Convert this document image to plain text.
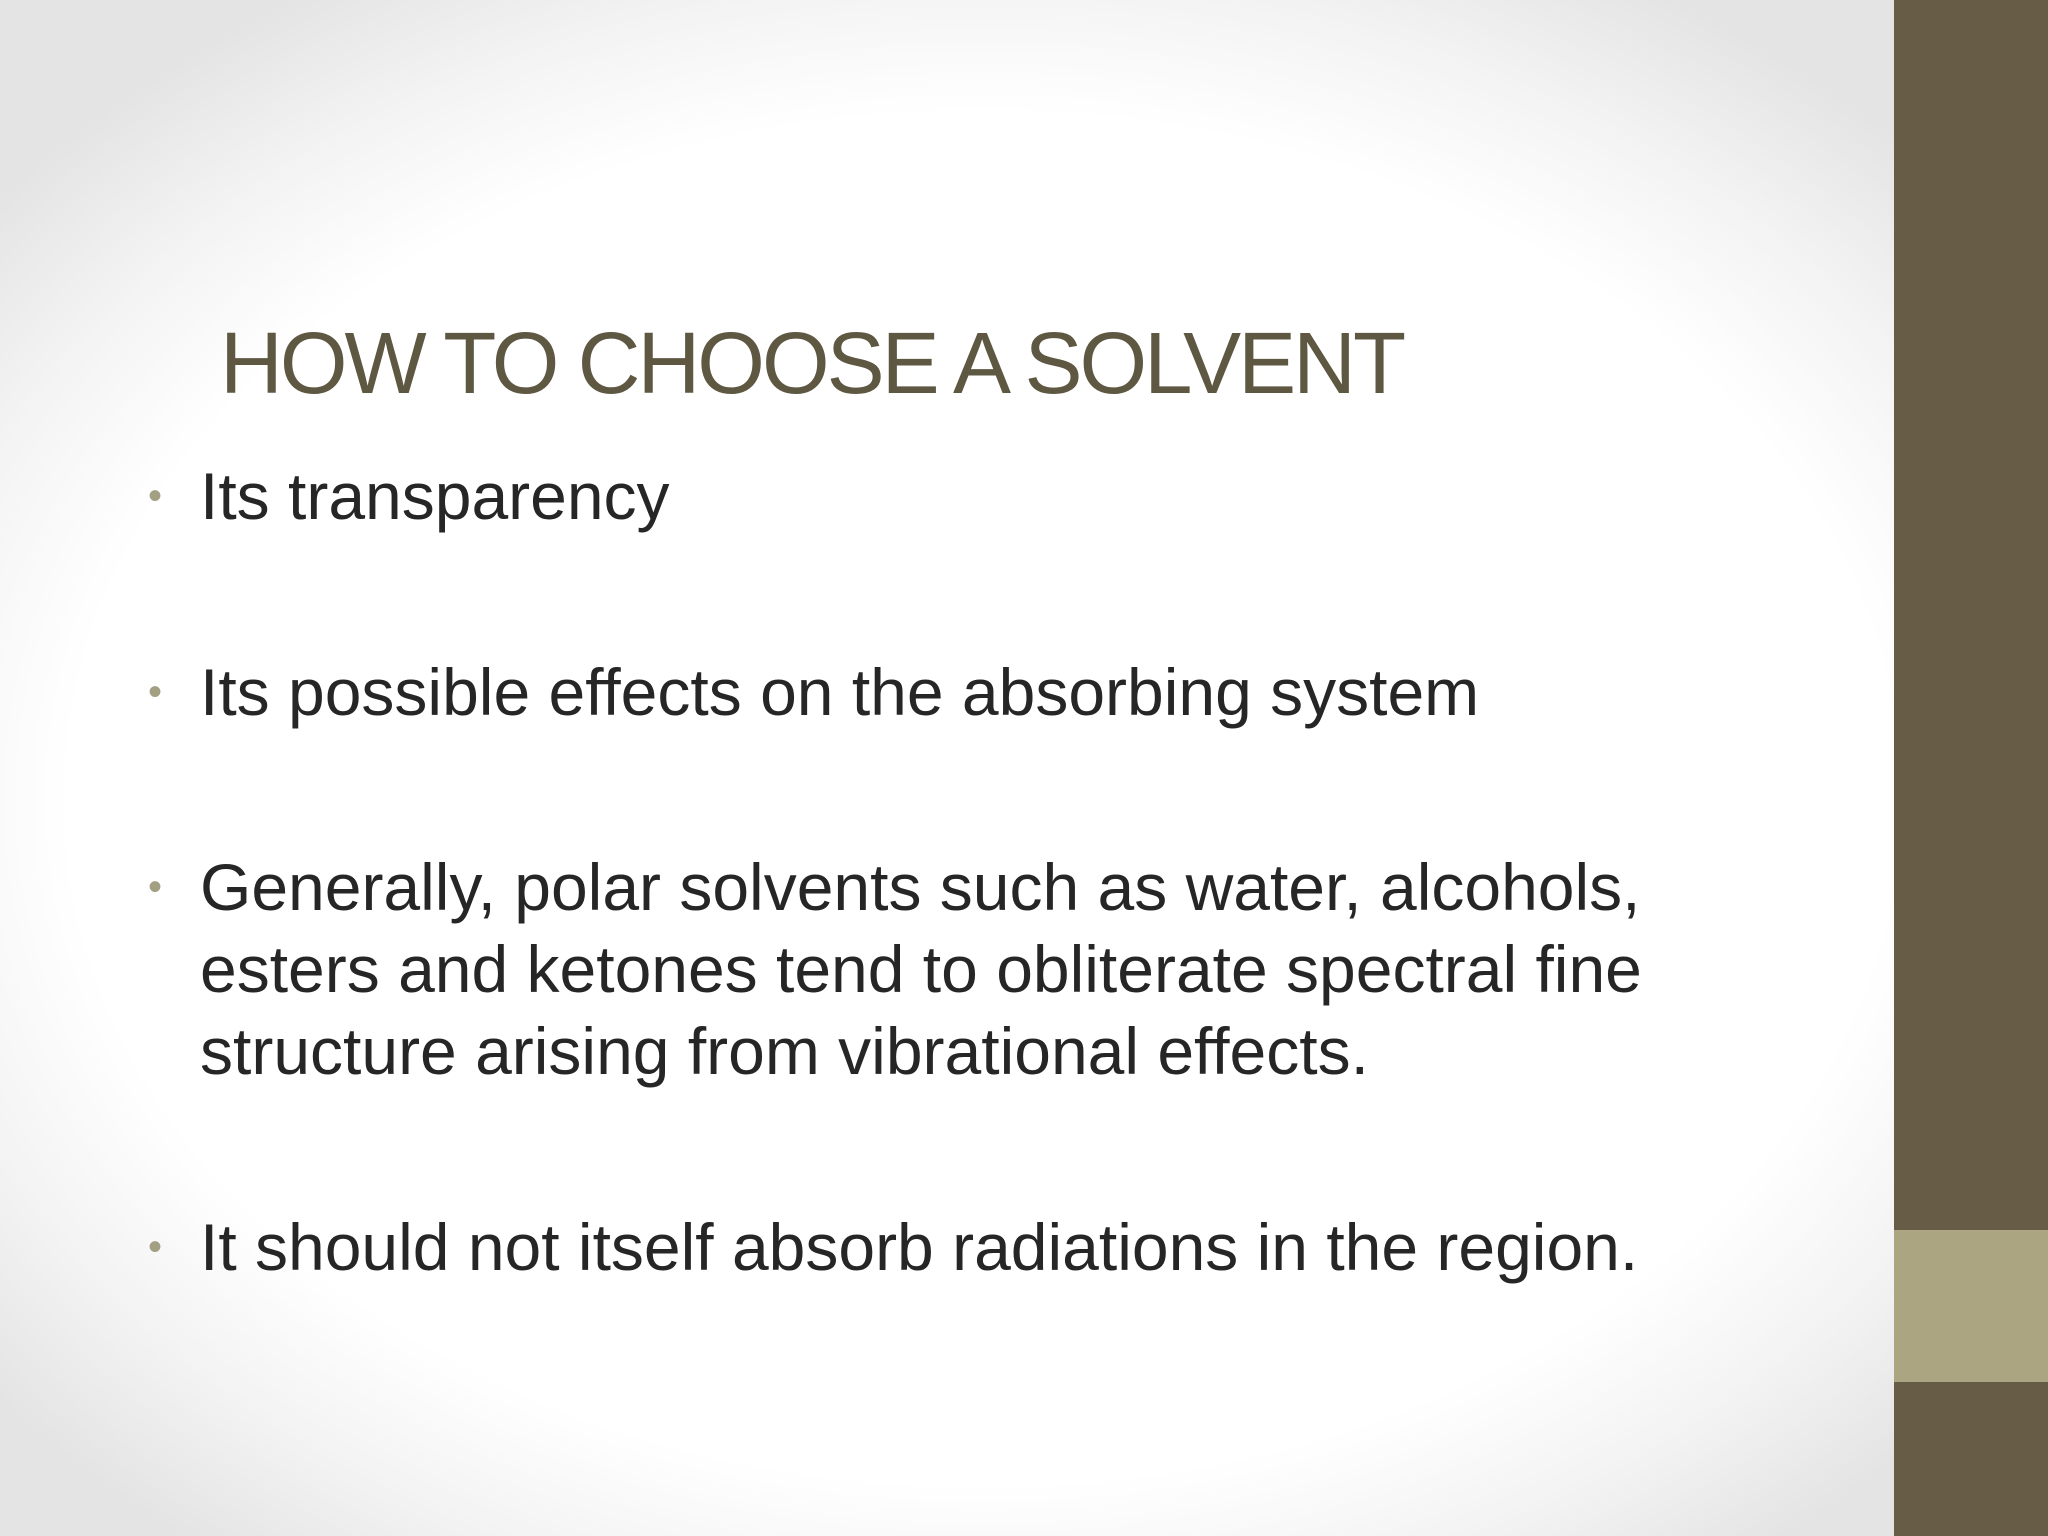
HOW TO CHOOSE A SOLVENT
• Its transparency

• Its possible effects on the absorbing system

• Generally, polar solvents such as water, alcohols, esters and ketones tend to obliterate spectral fine structure arising from vibrational effects.

• It should not itself absorb radiations in the region.
